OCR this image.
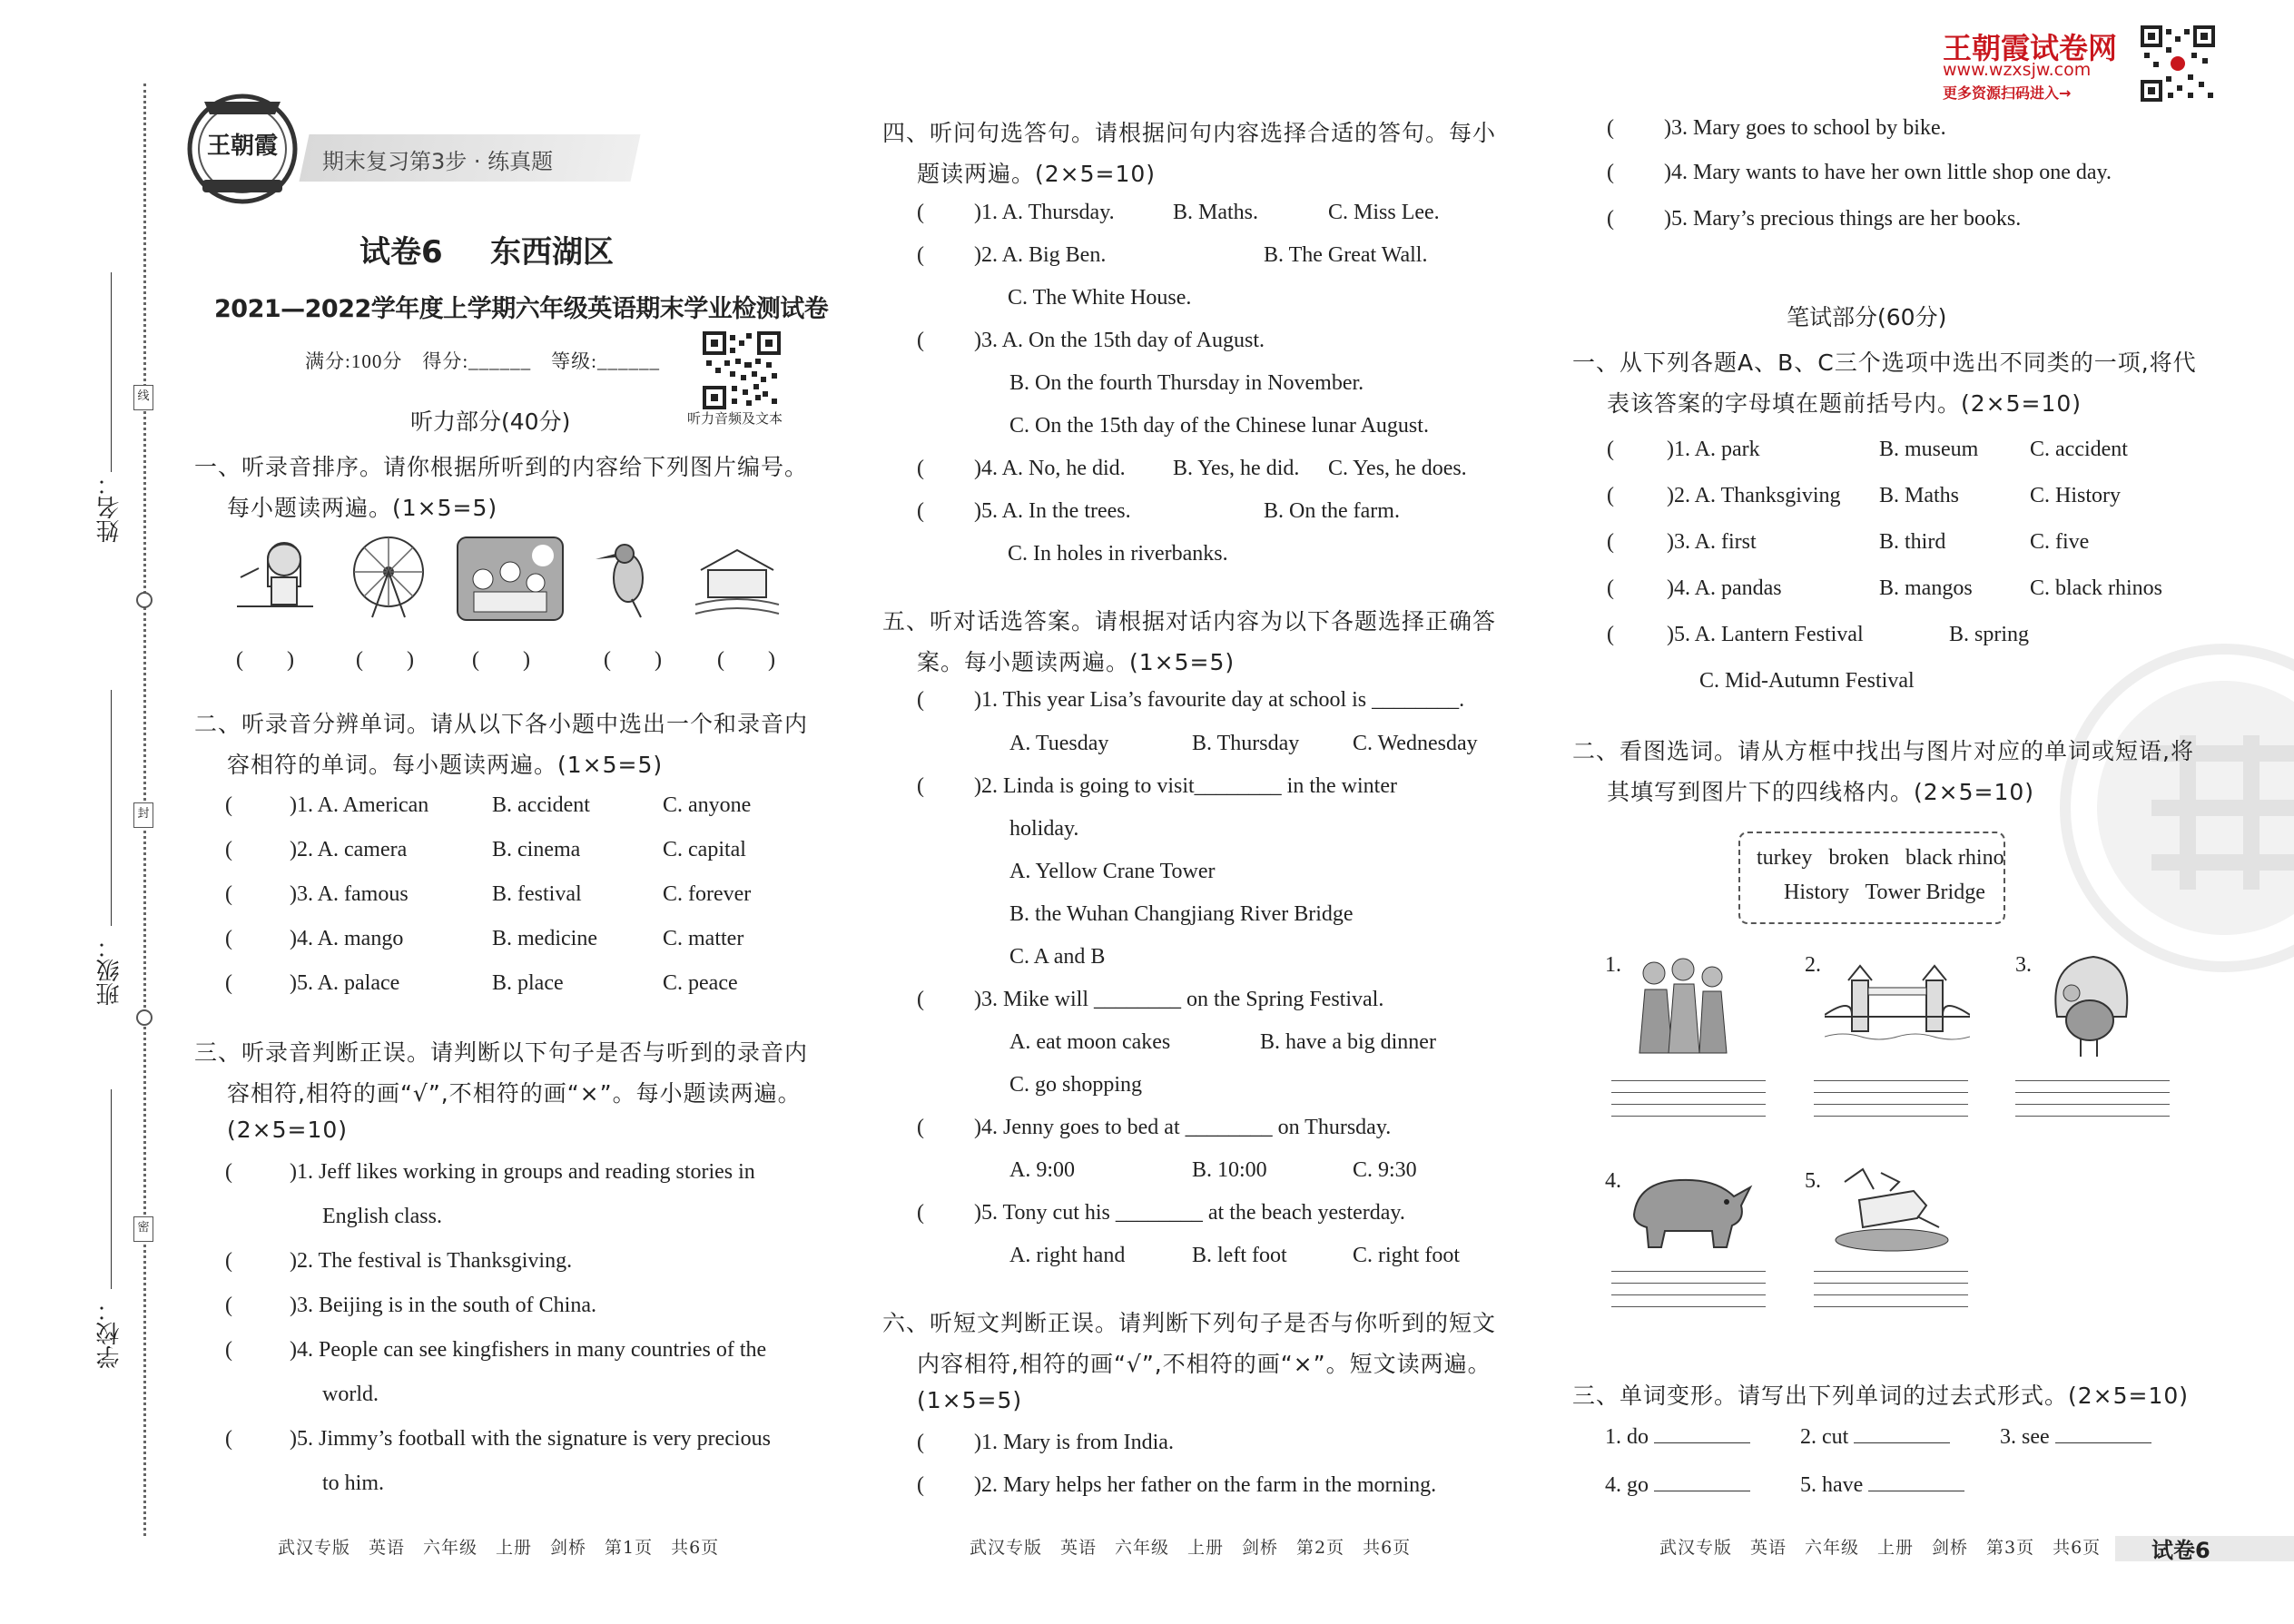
姓名：
班级：
学校：
线
封
密
王朝霞
期末复习第3步 · 练真题
试卷6 东西湖区
2021—2022学年度上学期六年级英语期末学业检测试卷
满分:100分　得分:______　等级:______
听力音频及文本
听力部分(40分)
一、听录音排序。请你根据所听到的内容给下列图片编号。
每小题读两遍。(1×5=5)
(　　)	(　　)	(　　)	(　　)	(　　)
二、听录音分辨单词。请从以下各小题中选出一个和录音内
容相符的单词。每小题读两遍。(1×5=5)
(	)1. A. American	B. accident	C. anyone
(	)2. A. camera	B. cinema	C. capital
(	)3. A. famous	B. festival	C. forever
(	)4. A. mango	B. medicine	C. matter
(	)5. A. palace	B. place	C. peace
三、听录音判断正误。请判断以下句子是否与听到的录音内
容相符,相符的画“√”,不相符的画“×”。每小题读两遍。
(2×5=10)
(	)1. Jeff likes working in groups and reading stories in
English class.
(	)2. The festival is Thanksgiving.
(	)3. Beijing is in the south of China.
(	)4. People can see kingfishers in many countries of the
world.
(	)5. Jimmy’s football with the signature is very precious
to him.
武汉专版　英语　六年级　上册　剑桥　第1页　共6页
四、听问句选答句。请根据问句内容选择合适的答句。每小
题读两遍。(2×5=10)
( )1. A. Thursday.	B. Maths.	C. Miss Lee.
( )2. A. Big Ben.	B. The Great Wall.
C. The White House.
( )3. A. On the 15th day of August.
B. On the fourth Thursday in November.
C. On the 15th day of the Chinese lunar August.
( )4. A. No, he did. B. Yes, he did. C. Yes, he does.
( )5. A. In the trees.	B. On the farm.
C. In holes in riverbanks.
五、听对话选答案。请根据对话内容为以下各题选择正确答
案。每小题读两遍。(1×5=5)
( )1. This year Lisa’s favourite day at school is ________.
A. Tuesday	B. Thursday C. Wednesday
( )2. Linda is going to visit________ in the winter
holiday.
A. Yellow Crane Tower
B. the Wuhan Changjiang River Bridge
C. A and B
( )3. Mike will ________ on the Spring Festival.
A. eat moon cakes	B. have a big dinner
C. go shopping
( )4. Jenny goes to bed at ________ on Thursday.
A. 9:00	B. 10:00	C. 9:30
( )5. Tony cut his ________ at the beach yesterday.
A. right hand	B. left foot	C. right foot
六、听短文判断正误。请判断下列句子是否与你听到的短文
内容相符,相符的画“√”,不相符的画“×”。短文读两遍。
(1×5=5)
( )1. Mary is from India.
( )2. Mary helps her father on the farm in the morning.
武汉专版　英语　六年级　上册　剑桥　第2页　共6页
王朝霞试卷网
www.wzxsjw.com
更多资源扫码进入→
( )3. Mary goes to school by bike.
( )4. Mary wants to have her own little shop one day.
( )5. Mary’s precious things are her books.
笔试部分(60分)
一、从下列各题A、B、C三个选项中选出不同类的一项,将代
表该答案的字母填在题前括号内。(2×5=10)
( )1. A. park	B. museum C. accident
( )2. A. Thanksgiving B. Maths	C. History
( )3. A. first	B. third	C. five
( )4. A. pandas	B. mangos	C. black rhinos
( )5. A. Lantern Festival	B. spring
C. Mid-Autumn Festival
二、看图选词。请从方框中找出与图片对应的单词或短语,将
其填写到图片下的四线格内。(2×5=10)
turkey   broken   black rhino
History   Tower Bridge
1.	2.	3.
4.	5.
三、单词变形。请写出下列单词的过去式形式。(2×5=10)
1. do	2. cut	3. see
4. go	5. have
武汉专版　英语　六年级　上册　剑桥　第3页　共6页 试卷6
